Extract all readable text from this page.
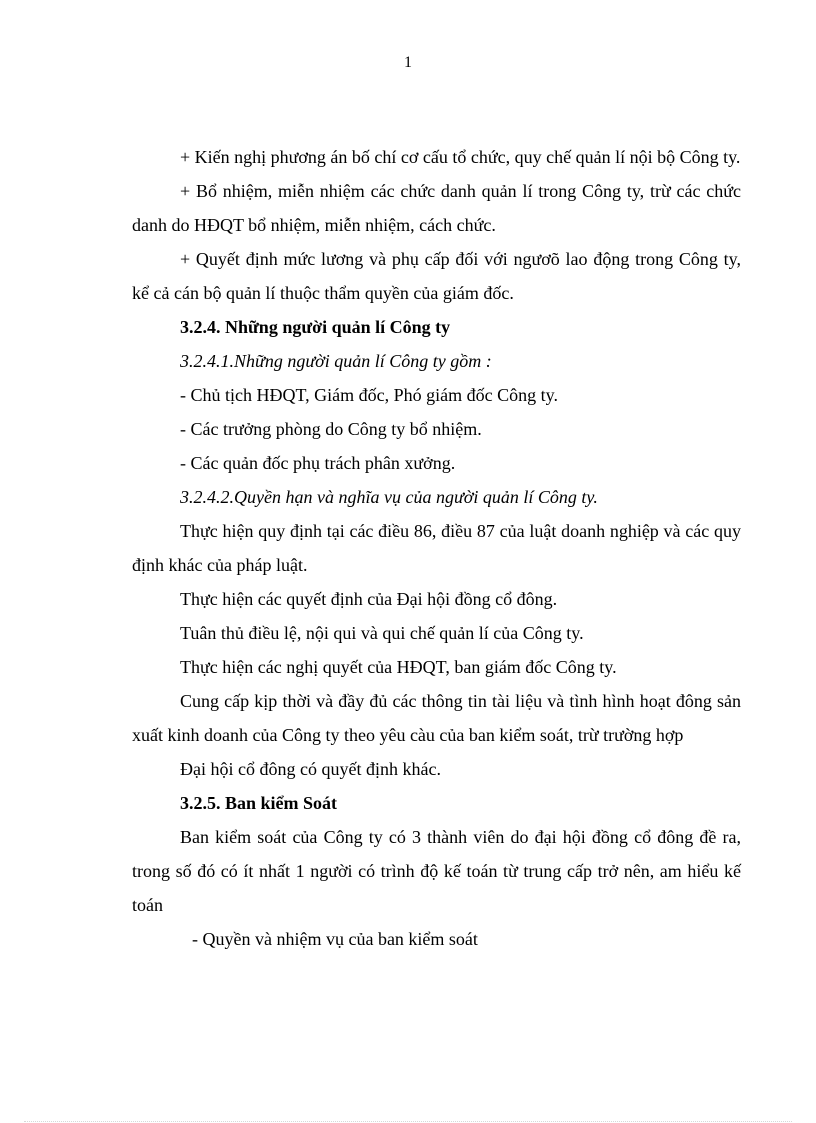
1

+ Kiến nghị phương án bố chí cơ cấu tổ chức, quy chế quản lí nội bộ Công ty.

+ Bổ nhiệm, miễn nhiệm các chức danh quản lí trong Công ty, trừ các chức danh do HĐQT bổ nhiệm, miễn nhiệm, cách chức.

+ Quyết định mức lương và phụ cấp đối với ngươõ lao động trong Công ty, kể cả cán bộ quản lí thuộc thẩm quyền của giám đốc.

3.2.4. Những người quản lí Công ty

3.2.4.1.Những người quản lí Công ty gồm :

- Chủ tịch HĐQT, Giám đốc, Phó giám đốc Công ty.

- Các trưởng phòng do Công ty bổ nhiệm.

- Các quản đốc phụ trách phân xưởng.

3.2.4.2.Quyền hạn và nghĩa vụ của người quản lí Công ty.

Thực hiện quy định tại các điều 86, điều 87 của luật doanh nghiệp và các quy định khác của pháp luật.

Thực hiện các quyết định của Đại hội đồng cổ đông.

Tuân thủ điều lệ, nội qui và qui chế quản lí của Công ty.

Thực hiện các nghị quyết của HĐQT, ban giám đốc Công ty.

Cung cấp kịp thời và đầy đủ các thông tin tài liệu và tình hình hoạt đông sản xuất kinh doanh của Công ty theo yêu càu của ban kiểm soát, trừ trường hợp

Đại hội cổ đông có quyết định khác.

3.2.5. Ban kiểm Soát

Ban kiểm soát của Công ty có 3 thành viên do đại hội đồng cổ đông đề ra, trong số đó có ít nhất 1 người có trình độ kế toán từ trung cấp trở nên, am hiểu kế toán

- Quyền và nhiệm vụ của ban kiểm soát
